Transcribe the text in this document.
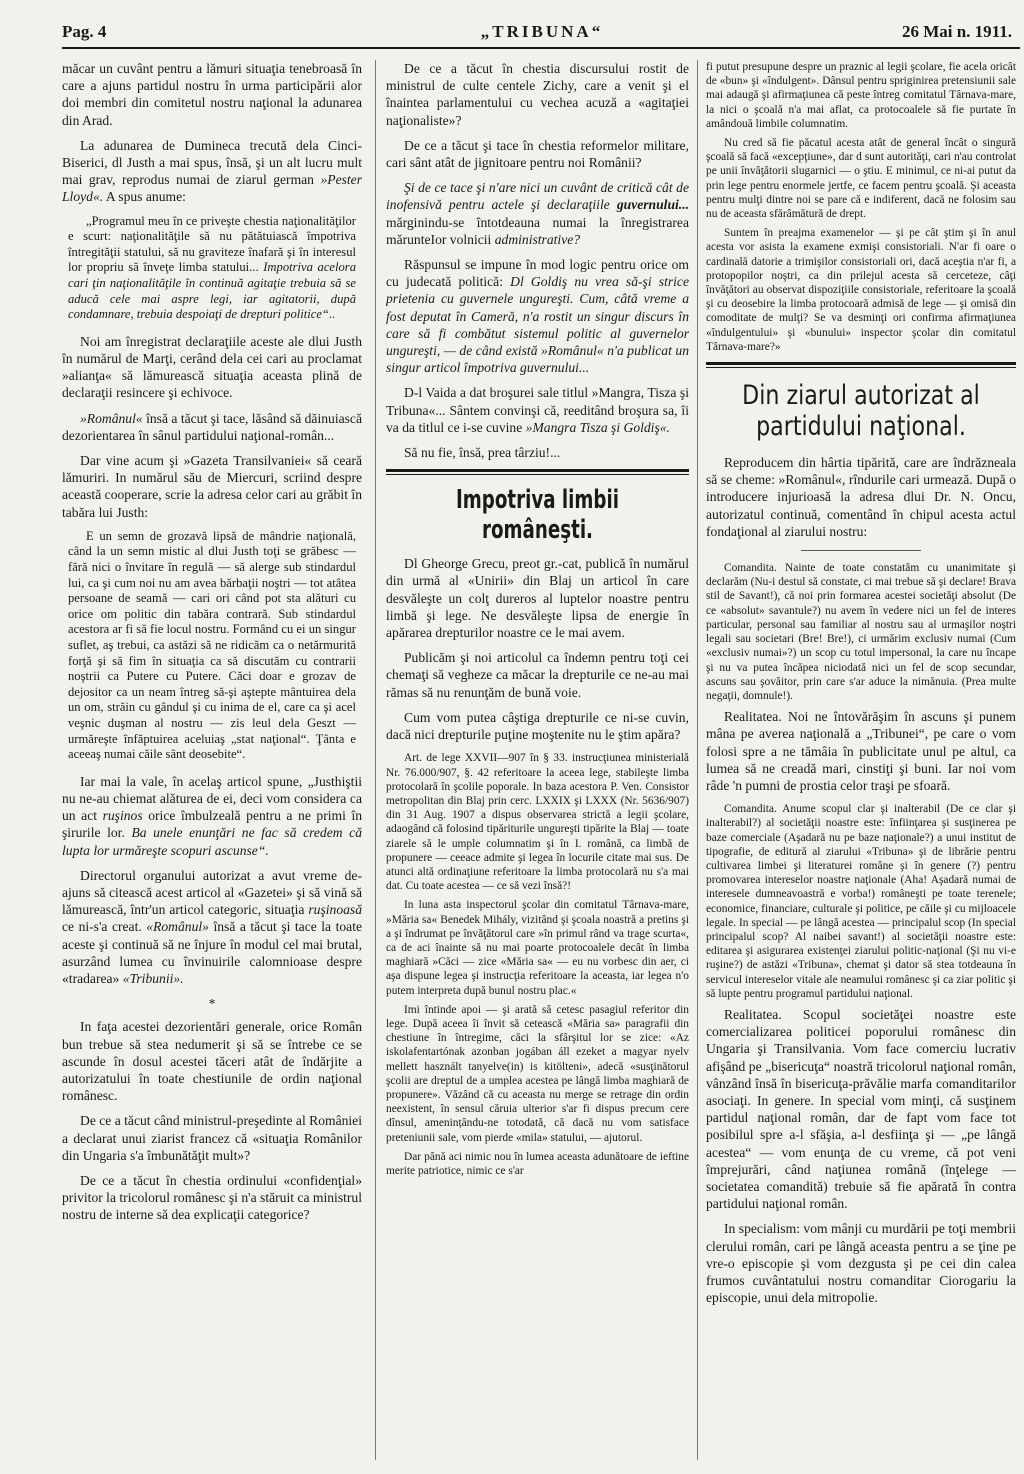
Pag. 4	„TRIBUNA“	26 Mai n. 1911.

măcar un cuvânt pentru a lămuri situaţia tenebroasă în care a ajuns partidul nostru în urma participării alor doi membri din comitetul nostru naţional la adunarea din Arad.

La adunarea de Dumineca trecută dela Cinci-Biserici, dl Justh a mai spus, însă, şi un alt lucru mult mai grav, reprodus numai de ziarul german »Pester Lloyd«. A spus anume:

„Programul meu în ce priveşte chestia naţionalităţilor e scurt: naţionalităţile să nu pătătuiască împotriva întregităţii statului, să nu graviteze înafară şi în interesul lor propriu să înveţe limba statului... Impotriva acelora cari ţin naţionalităţile în continuă agitaţie trebuia să se aducă cele mai aspre legi, iar agitatorii, după condamnare, trebuia despoiaţi de drepturi politice“..

Noi am înregistrat declaraţiile aceste ale dlui Justh în numărul de Marţi, cerând dela cei cari au proclamat »alianţa« să lămurească situaţia aceasta plină de declaraţii resincere şi echivoce.

»Românul« însă a tăcut şi tace, lăsând să dăinuiască dezorientarea în sânul partidului naţional-român...

Dar vine acum şi »Gazeta Transilvaniei« să ceară lămuriri. In numărul său de Miercuri, scriind despre această cooperare, scrie la adresa celor cari au grăbit în tabăra lui Justh:

E un semn de grozavă lipsă de mândrie naţională, când la un semn mistic al dlui Justh toţi se grăbesc — fără nici o învitare în regulă — să alerge sub stindardul lui, ca şi cum noi nu am avea bărbaţii noştri — tot atâtea persoane de seamă — cari ori când pot sta alături cu orice om politic din tabăra contrară. Sub stindardul acestora ar fi să fie locul nostru. Formând cu ei un singur suflet, aş trebui, ca astăzi să ne ridicăm ca o netărmurită forţă şi să fim în situaţia ca să discutăm cu contrarii noştrii ca Putere cu Putere. Căci doar e grozav de dejositor ca un neam întreg să-şi aştepte mântuirea dela un om, străin cu gândul şi cu inima de el, care ca şi acel veşnic duşman al nostru — zis leul dela Geszt — urmăreşte înfăptuirea aceluiaş „stat naţional“. Ţânta e aceeaş numai căile sânt deosebite“.

Iar mai la vale, în acelaş articol spune, „Justhiştii nu ne-au chiemat alăturea de ei, deci vom considera ca un act ruşinos orice îmbulzeală pentru a ne primi în şirurile lor. Ba unele enunţări ne fac să credem că lupta lor urmăreşte scopuri ascunse“.

Directorul organului autorizat a avut vreme de-ajuns să citească acest articol al «Gazetei» şi să vină să lămurească, într'un articol categoric, situaţia ruşinoasă ce ni-s'a creat. «Românul» însă a tăcut şi tace la toate aceste şi continuă să ne înjure în modul cel mai brutal, asurzând lumea cu învinuirile calomnioase despre «tradarea» «Tribunii».

*

In faţa acestei dezorientări generale, orice Român bun trebue să stea nedumerit şi să se întrebe ce se ascunde în dosul acestei tăceri atât de îndărjite a autorizatului în toate chestiunile de ordin naţional românesc.

De ce a tăcut când ministrul-preşedinte al României a declarat unui ziarist francez că «situaţia Românilor din Ungaria s'a îmbunătăţit mult»?

De ce a tăcut în chestia ordinului «confidenţial» privitor la tricolorul românesc şi n'a stăruit ca ministrul nostru de interne să dea explicaţii categorice?

De ce a tăcut în chestia discursului rostit de ministrul de culte centele Zichy, care a venit şi el înaintea parlamentului cu vechea acuză a «agitaţiei naţionaliste»?

De ce a tăcut şi tace în chestia reformelor militare, cari sânt atât de jignitoare pentru noi Românii?

Şi de ce tace şi n'are nici un cuvânt de critică cât de inofensivă pentru actele şi declaraţiile guvernului... mărginindu-se întotdeauna numai la înregistrarea mărunteIor volnicii administrative?

Răspunsul se impune în mod logic pentru orice om cu judecată politică: Dl Goldiş nu vrea să-şi strice prietenia cu guvernele ungureşti. Cum, câtă vreme a fost deputat în Cameră, n'a rostit un singur discurs în care să fi combătut sistemul politic al guvernelor ungureşti, — de când există »Românul« n'a publicat un singur articol împotriva guvernului...

D-l Vaida a dat broşurei sale titlul »Mangra, Tisza şi Tribuna«... Sântem convinşi că, reeditând broşura sa, îi va da titlul ce i-se cuvine »Mangra Tisza şi Goldiş«.

Să nu fie, însă, prea târziu!...

Impotriva limbii româneşti.

Dl Gheorge Grecu, preot gr.-cat, publică în numărul din urmă al «Unirii» din Blaj un articol în care desvăleşte un colţ dureros al luptelor noastre pentru limbă şi lege. Ne desvăleşte lipsa de energie în apărarea drepturilor noastre ce le mai avem.

Publicăm şi noi articolul ca îndemn pentru toţi cei chemaţi să vegheze ca măcar la drepturile ce ne-au mai rămas să nu renunţăm de bună voie.

Cum vom putea câştiga drepturile ce ni-se cuvin, dacă nici drepturile puţine moştenite nu le ştim apăra?

Art. de lege XXVII—907 în § 33. instrucţiunea ministerială Nr. 76.000/907, §. 42 referitoare la aceea lege, stabileşte limba protocolară în şcolile poporale. In baza acestora P. Ven. Consistor metropolitan din Blaj prin cerc. LXXIX şi LXXX (Nr. 5636/907) din 31 Aug. 1907 a dispus observarea strictă a legii şcolare, adaogând că folosind tipăriturile ungureşti tipărite la Blaj — toate ziarele să le umple columnatim şi în I. română, ca limbă de propunere — ceeace admite şi legea în locurile citate mai sus. De atunci altă ordinaţiune referitoare la limba protocolară nu s'a mai dat. Cu toate acestea — ce să vezi însă?!

In luna asta inspectorul şcolar din comitatul Târnava-mare, »Măria sa« Benedek Mihály, vizitând şi şcoala noastră a pretins şi a şi îndrumat pe învăţătorul care »în primul rând va trage scurta«, ca de aci înainte să nu mai poarte protocoalele decât în limba maghiară »Căci — zice «Măria sa« — eu nu vorbesc din aer, ci aşa dispune legea şi instrucţia referitoare la aceasta, iar legea n'o putem interpreta după bunul nostru plac.«

Imi întinde apoi — şi arată să cetesc pasagiul referitor din lege. După aceea îi învit să cetească «Măria sa» paragrafii din chestiune în întregime, căci la sfârşitul lor se zice: «Az iskolafentartónak azonban jogában áll ezeket a magyar nyelv mellett használt tanyelve(in) is kitölteni», adecă «susţinătorul şcolii are dreptul de a umplea acestea pe lângă limba maghiară de propunere». Văzând că cu aceasta nu merge se retrage din ordin neexistent, în sensul căruia ulterior s'ar fi dispus precum cere dînsul, amenințându-ne totodată, că dacă nu vom satisface preteniunii sale, vom pierde «mila» statului, — ajutorul.

Dar până aci nimic nou în lumea aceasta adunătoare de ieftine merite patriotice, nimic ce s'ar

fi putut presupune despre un praznic al legii şcolare, fie acela oricât de «bun» şi «îndulgent». Dânsul pentru spriginirea pretensiunii sale mai adaugă şi afirmaţiunea că peste întreg comitatul Târnava-mare, la nici o şcoală n'a mai aflat, ca protocoalele să fie purtate în amândouă limbile columnatim.

Nu cred să fie păcatul acesta atât de general încât o singură şcoală să facă «excepţiune», dar d sunt autorităţi, cari n'au controlat pe unii învăţătorii slugarnici — o ştiu. E minimul, ce ni-ai putut da prin lege pentru enormele jertfe, ce facem pentru şcoală. Şi aceasta pentru mulţi dintre noi se pare că e indiferent, dacă ne folosim sau nu de aceasta sfărâmătură de drept.

Suntem în preajma examenelor — şi pe cât ştim şi în anul acesta vor asista la examene exmişi consistoriali. N'ar fi oare o cardinală datorie a trimişilor consistoriali ori, dacă aceştia n'ar fi, a protopopilor noştri, ca din prilejul acesta să cerceteze, câţi învăţători au observat dispoziţiile consistoriale, referitoare la şcoală şi cu deosebire la limba protocoară admisă de lege — şi omisă din comoditate de mulţi? Se va desminţi ori confirma afirmaţiunea «îndulgentului» şi «bunului» inspector şcolar din comitatul Târnava-mare?»

Din ziarul autorizat al partidului naţional.

Reproducem din hârtia tipărită, care are îndrăzneala să se cheme: »Românul«, rîndurile cari urmează. După o introducere injurioasă la adresa dlui Dr. N. Oncu, autorizatul continuă, comentând în chipul acesta actul fondaţional al ziarului nostru:

Comandita. Nainte de toate constatăm cu unanimitate şi declarăm (Nu-i destul să constate, ci mai trebue să şi declare! Brava stil de Savant!), că noi prin formarea acestei societăţi absolut (De ce «absolut» savantule?) nu avem în vedere nici un fel de interes particular, personal sau familiar al nostru sau al urmaşilor noştri legali sau societari (Bre! Bre!), ci urmărim exclusiv numai (Cum «exclusiv numai»?) un scop cu totul impersonal, la care nu încape şi nu va putea încăpea niciodată nici un fel de scop secundar, ascuns sau şovăitor, prin care s'ar aduce la nimănuia. (Prea multe negaţii, domnule!).

Realitatea. Noi ne întovărăşim în ascuns şi punem mâna pe averea naţională a „Tribunei“, pe care o vom folosi spre a ne tămâia în publicitate unul pe altul, ca lumea să ne creadă mari, cinstiţi şi buni. Iar noi vom râde 'n pumni de prostia celor traşi pe sfoară.

Comandita. Anume scopul clar şi inalterabil (De ce clar şi inalterabil?) al societăţii noastre este: înfiinţarea şi susţinerea pe baze comerciale (Aşadară nu pe baze naţionale?) a unui institut de tipografie, de editură al ziarului «Tribuna» şi de librărie pentru cultivarea limbei şi literaturei române şi în genere (?) pentru promovarea intereselor noastre naţionale (Aha! Aşadară numai de interesele dumneavoastră e vorba!) româneşti pe toate terenele; economice, financiare, culturale şi politice, pe căile şi cu mijloacele legale. In special — pe lângă acestea — principalul scop (In special principalul scop? Al naibei savant!) al societăţii noastre este: editarea şi asigurarea existenţei ziarului politic-naţional (Şi nu vi-e ruşine?) de astăzi «Tribuna», chemat şi dator să stea totdeauna în servicul intereselor vitale ale neamului românesc şi ca ziar politic şi să lupte pentru programul partidului naţional.

Realitatea. Scopul societăţei noastre este comercializarea politicei poporului românesc din Ungaria şi Transilvania. Vom face comerciu lucrativ afişând pe „bisericuţa“ noastră tricolorul naţional român, vânzând însă în bisericuţa-prăvălie marfa comanditarilor asociaţi. In genere. In special vom minţi, că susţinem partidul naţional român, dar de fapt vom face tot posibilul spre a-l sfăşia, a-l desfiinţa şi — „pe lângă acestea“ — vom enunţa de cu vreme, că pot veni împrejurări, când naţiunea română (înţelege — societatea comandită) trebuie să fie apărată în contra partidului naţional român.

In specialism: vom mânji cu murdării pe toţi membrii clerului român, cari pe lângă aceasta pentru a se ţine pe vre-o episcopie şi vom dezgusta şi pe cei din calea frumos cuvântatului nostru comanditar Ciorogariu la episcopie, unui dela mitropolie.
